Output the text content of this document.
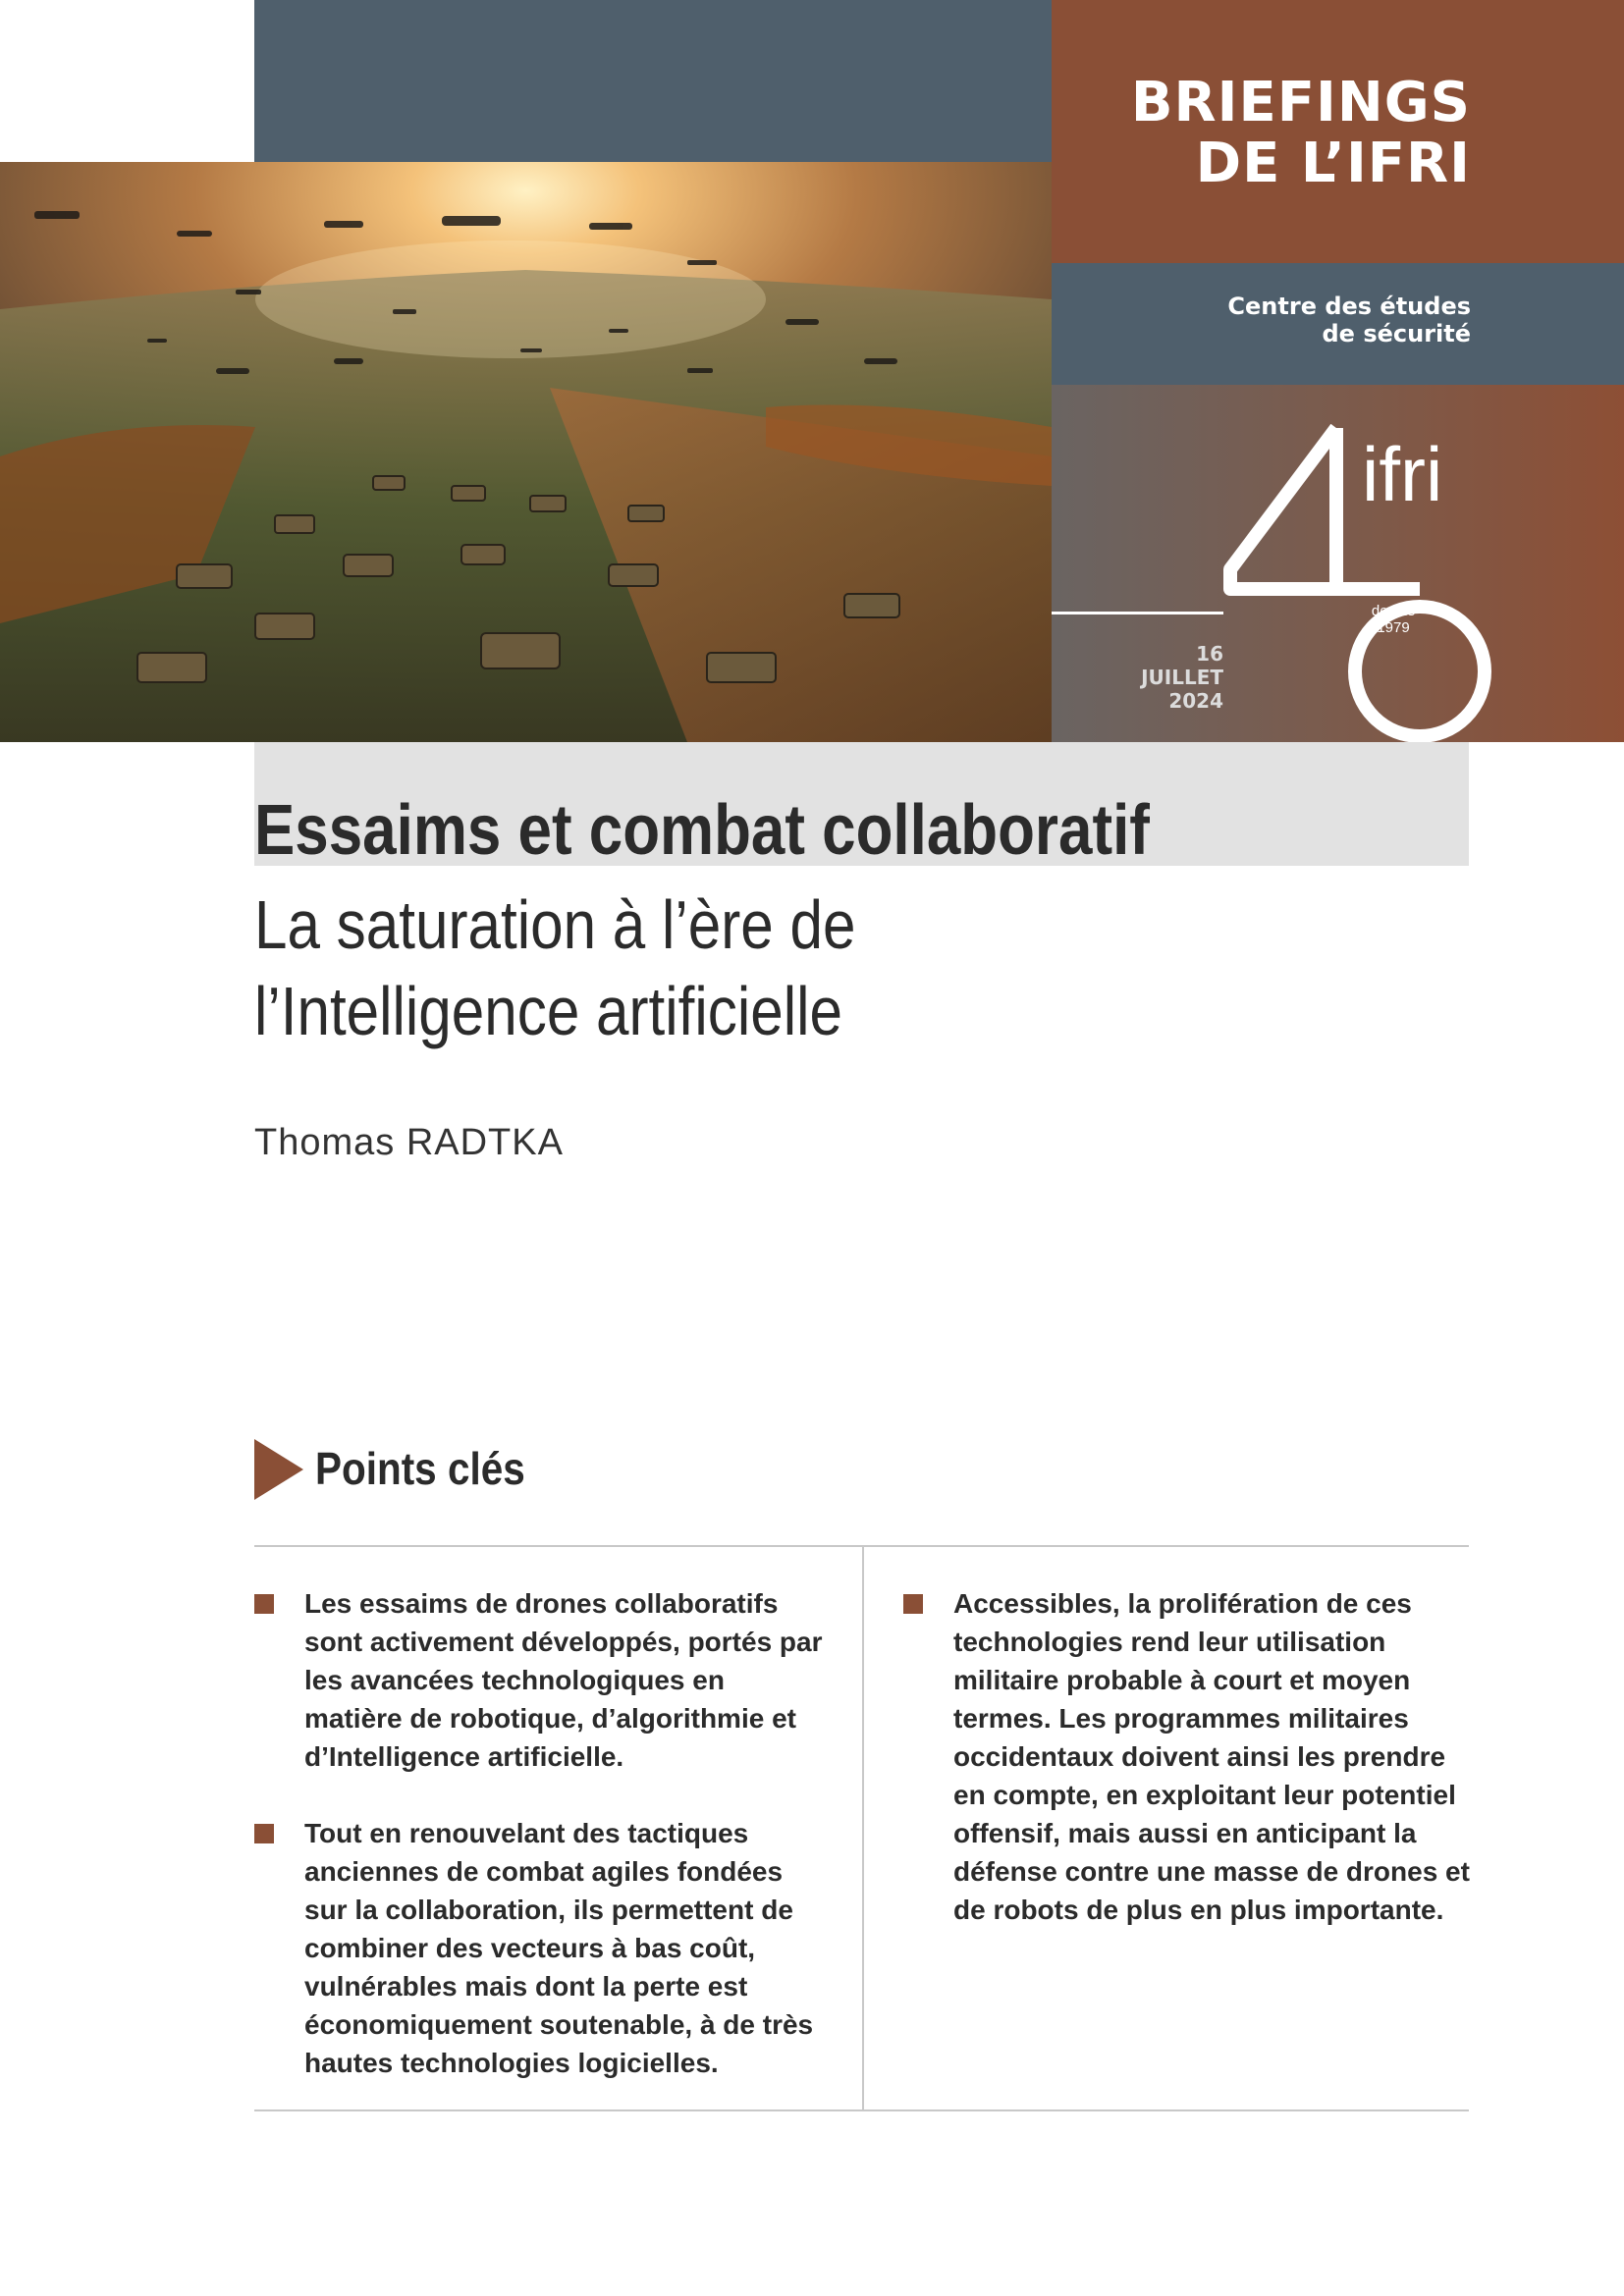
BRIEFINGS
DE L’IFRI
Centre des études
de sécurité
16
JUILLET
2024
ifri
depuis
1979
Essaims et combat collaboratif
La saturation à l’ère de l’Intelligence artificielle
Thomas RADTKA
Points clés
Les essaims de drones collaboratifs sont activement développés, portés par les avancées technologiques en matière de robotique, d’algorithmie et d’Intelligence artificielle.
Tout en renouvelant des tactiques anciennes de combat agiles fondées sur la collaboration, ils permettent de combiner des vecteurs à bas coût, vulnérables mais dont la perte est économiquement soutenable, à de très hautes technologies logicielles.
Accessibles, la prolifération de ces technologies rend leur utilisation militaire probable à court et moyen termes. Les programmes militaires occidentaux doivent ainsi les prendre en compte, en exploitant leur potentiel offensif, mais aussi en anticipant la défense contre une masse de drones et de robots de plus en plus importante.
